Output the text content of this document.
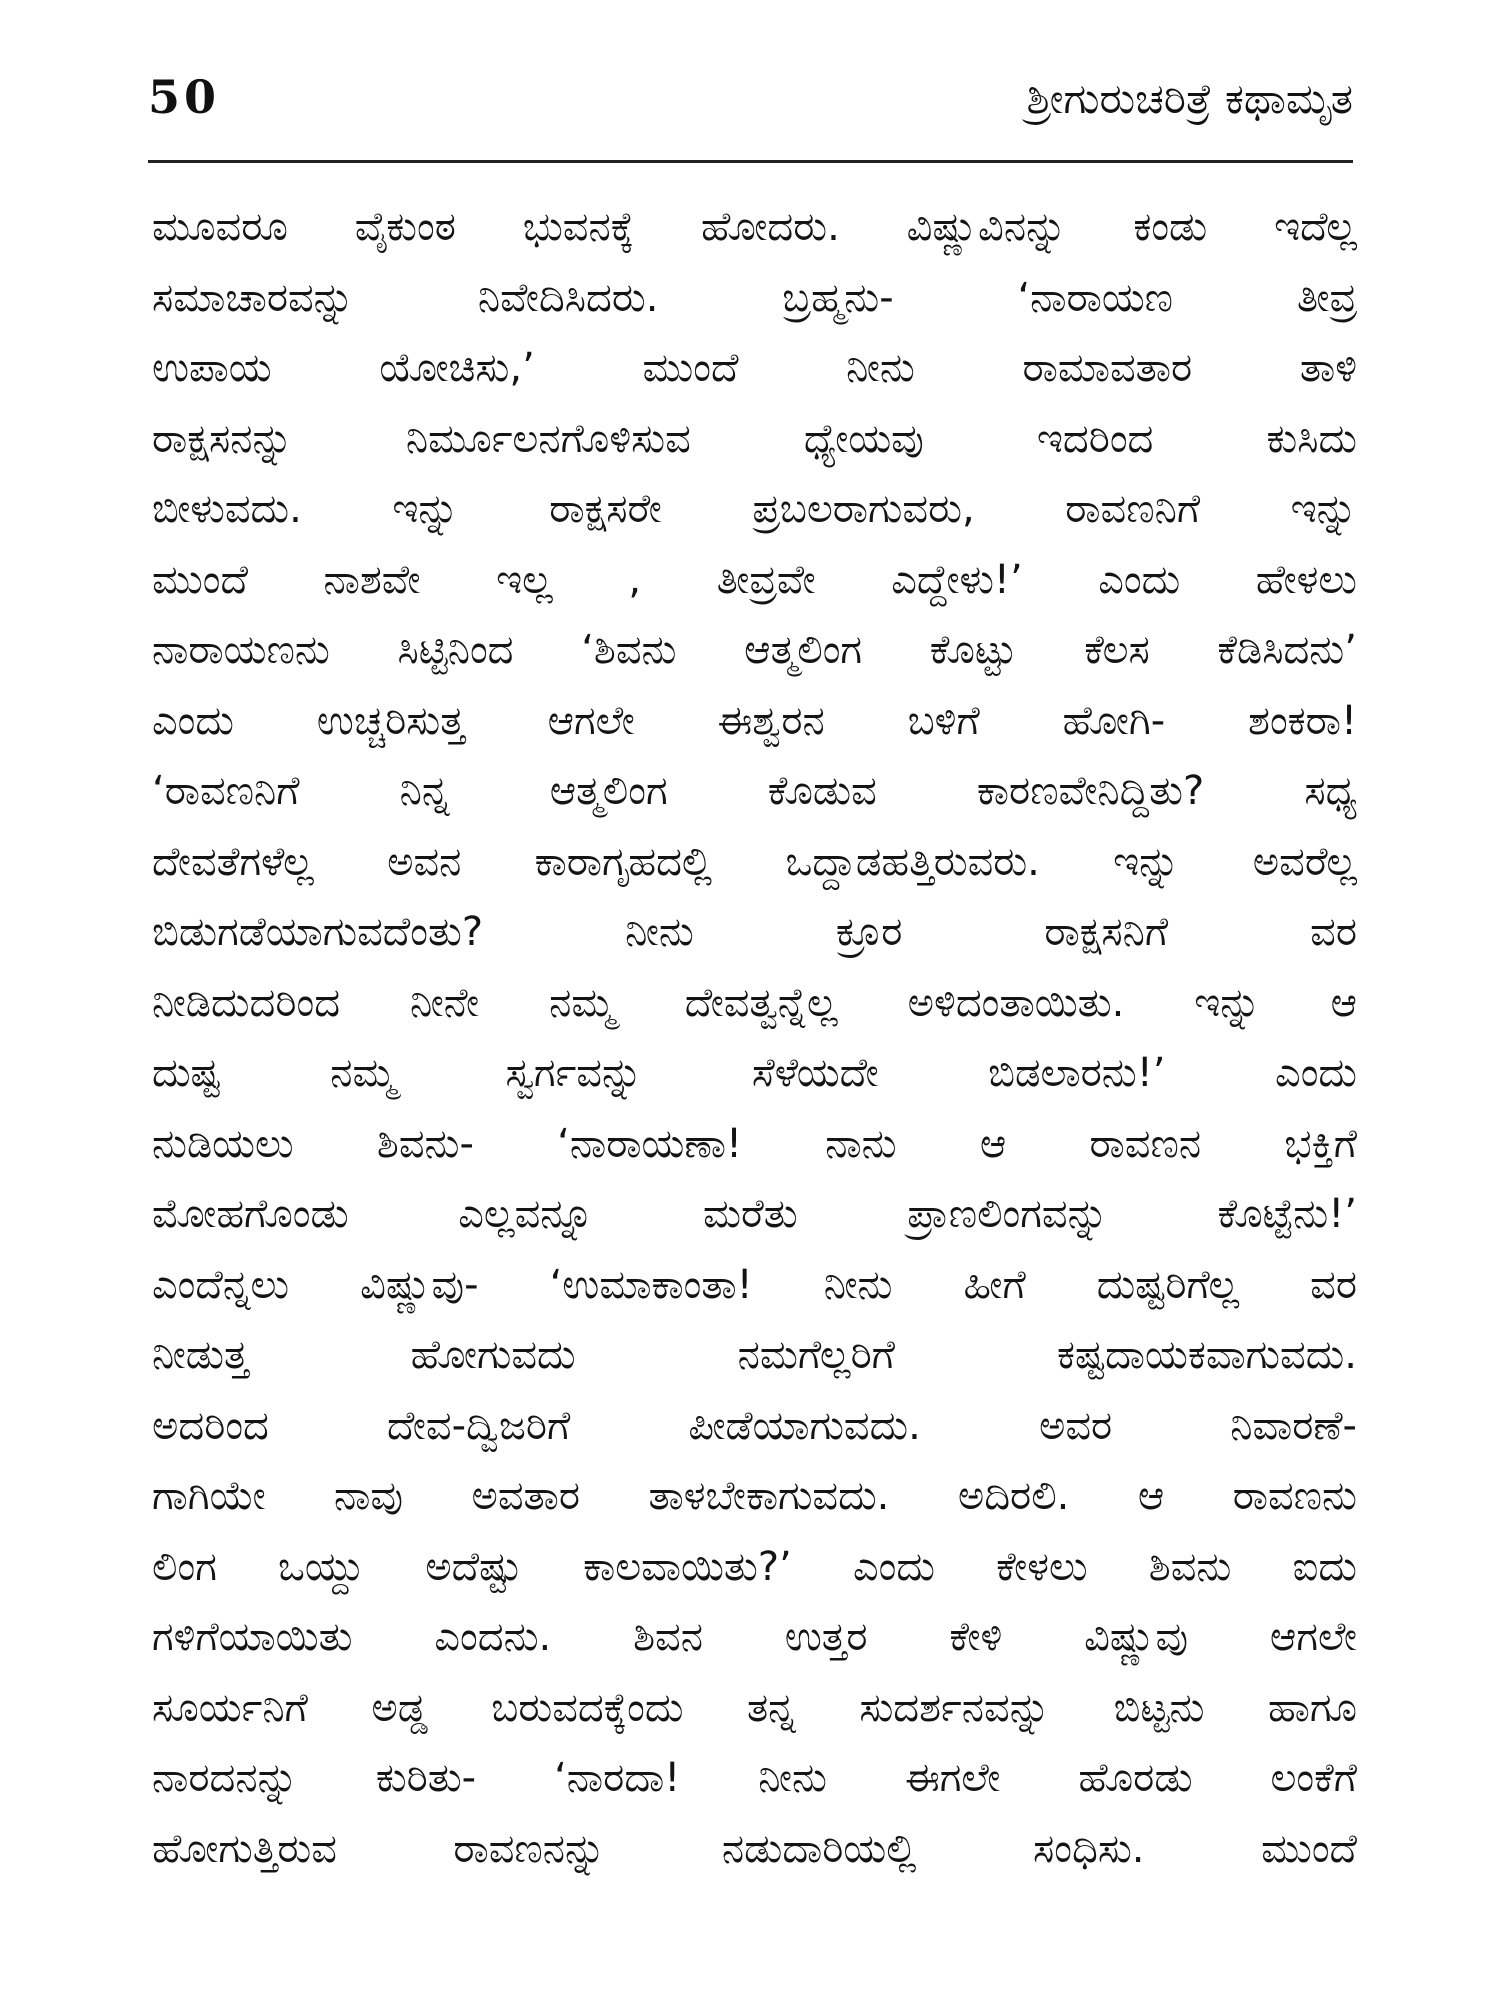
50	ಶ್ರೀಗುರುಚರಿತ್ರೆ ಕಥಾಮೃತ
ಮೂವರೂ ವೈಕುಂಠ ಭುವನಕ್ಕೆ ಹೋದರು. ವಿಷ್ಣುವಿನನ್ನು ಕಂಡು ಇದೆಲ್ಲ
ಸಮಾಚಾರವನ್ನು ನಿವೇದಿಸಿದರು. ಬ್ರಹ್ಮನು- ‘ನಾರಾಯಣ ತೀವ್ರ
ಉಪಾಯ ಯೋಚಿಸು,’ ಮುಂದೆ ನೀನು ರಾಮಾವತಾರ ತಾಳಿ
ರಾಕ್ಷಸನನ್ನು ನಿರ್ಮೂಲನಗೊಳಿಸುವ ಧ್ಯೇಯವು ಇದರಿಂದ ಕುಸಿದು
ಬೀಳುವದು. ಇನ್ನು ರಾಕ್ಷಸರೇ ಪ್ರಬಲರಾಗುವರು, ರಾವಣನಿಗೆ ಇನ್ನು
ಮುಂದೆ ನಾಶವೇ ಇಲ್ಲ , ತೀವ್ರವೇ ಎದ್ದೇಳು!’ ಎಂದು ಹೇಳಲು
ನಾರಾಯಣನು ಸಿಟ್ಟಿನಿಂದ ‘ಶಿವನು ಆತ್ಮಲಿಂಗ ಕೊಟ್ಟು ಕೆಲಸ ಕೆಡಿಸಿದನು’
ಎಂದು ಉಚ್ಚರಿಸುತ್ತ ಆಗಲೇ ಈಶ್ವರನ ಬಳಿಗೆ ಹೋಗಿ- ಶಂಕರಾ!
‘ರಾವಣನಿಗೆ ನಿನ್ನ ಆತ್ಮಲಿಂಗ ಕೊಡುವ ಕಾರಣವೇನಿದ್ದಿತು? ಸಧ್ಯ
ದೇವತೆಗಳೆಲ್ಲ ಅವನ ಕಾರಾಗೃಹದಲ್ಲಿ ಒದ್ದಾಡಹತ್ತಿರುವರು. ಇನ್ನು ಅವರೆಲ್ಲ
ಬಿಡುಗಡೆಯಾಗುವದೆಂತು? ನೀನು ಕ್ರೂರ ರಾಕ್ಷಸನಿಗೆ ವರ
ನೀಡಿದುದರಿಂದ ನೀನೇ ನಮ್ಮ ದೇವತ್ವನ್ನೆಲ್ಲ ಅಳಿದಂತಾಯಿತು. ಇನ್ನು ಆ
ದುಷ್ಟ ನಮ್ಮ ಸ್ವರ್ಗವನ್ನು ಸೆಳೆಯದೇ ಬಿಡಲಾರನು!’ ಎಂದು
ನುಡಿಯಲು ಶಿವನು- ‘ನಾರಾಯಣಾ! ನಾನು ಆ ರಾವಣನ ಭಕ್ತಿಗೆ
ಮೋಹಗೊಂಡು ಎಲ್ಲವನ್ನೂ ಮರೆತು ಪ್ರಾಣಲಿಂಗವನ್ನು ಕೊಟ್ಟೆನು!’
ಎಂದೆನ್ನಲು ವಿಷ್ಣುವು- ‘ಉಮಾಕಾಂತಾ! ನೀನು ಹೀಗೆ ದುಷ್ಟರಿಗೆಲ್ಲ ವರ
ನೀಡುತ್ತ ಹೋಗುವದು ನಮಗೆಲ್ಲರಿಗೆ ಕಷ್ಟದಾಯಕವಾಗುವದು.
ಅದರಿಂದ ದೇವ-ದ್ವಿಜರಿಗೆ ಪೀಡೆಯಾಗುವದು. ಅವರ ನಿವಾರಣೆ-
ಗಾಗಿಯೇ ನಾವು ಅವತಾರ ತಾಳಬೇಕಾಗುವದು. ಅದಿರಲಿ. ಆ ರಾವಣನು
ಲಿಂಗ ಒಯ್ದು ಅದೆಷ್ಟು ಕಾಲವಾಯಿತು?’ ಎಂದು ಕೇಳಲು ಶಿವನು ಐದು
ಗಳಿಗೆಯಾಯಿತು ಎಂದನು. ಶಿವನ ಉತ್ತರ ಕೇಳಿ ವಿಷ್ಣುವು ಆಗಲೇ
ಸೂರ್ಯನಿಗೆ ಅಡ್ಡ ಬರುವದಕ್ಕೆಂದು ತನ್ನ ಸುದರ್ಶನವನ್ನು ಬಿಟ್ಟನು ಹಾಗೂ
ನಾರದನನ್ನು ಕುರಿತು- ‘ನಾರದಾ! ನೀನು ಈಗಲೇ ಹೊರಡು ಲಂಕೆಗೆ
ಹೋಗುತ್ತಿರುವ ರಾವಣನನ್ನು ನಡುದಾರಿಯಲ್ಲಿ ಸಂಧಿಸು. ಮುಂದೆ
